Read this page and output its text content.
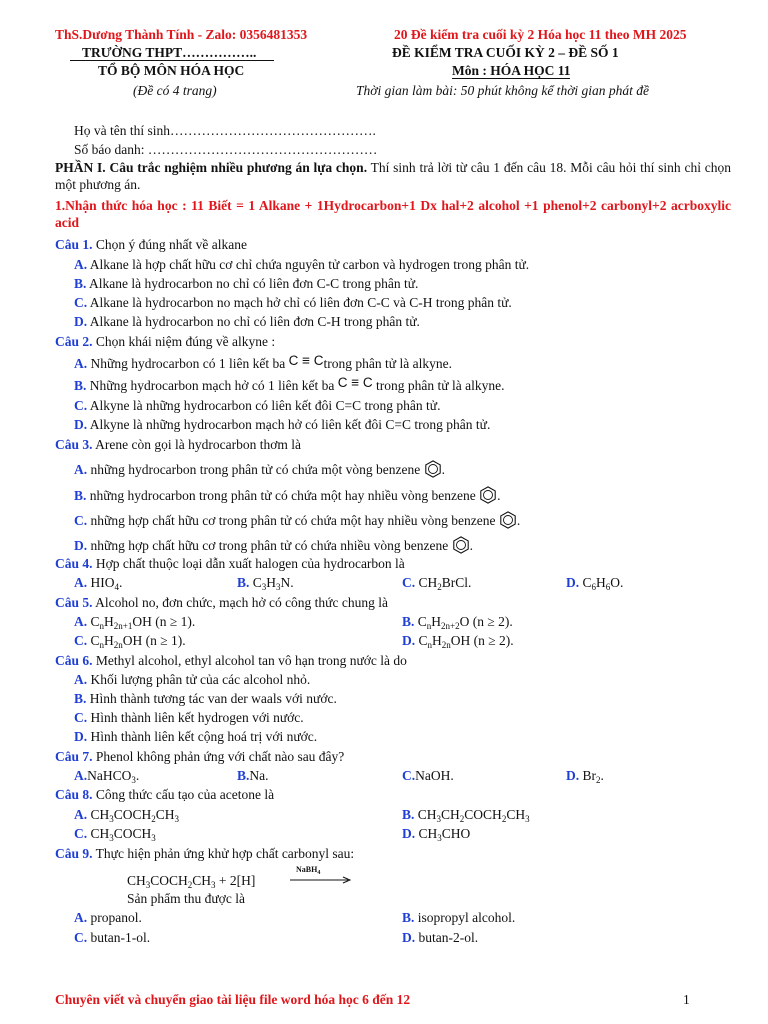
ThS.Dương Thành Tính - Zalo: 0356481353	20 Đề kiểm tra cuối kỳ 2 Hóa học 11 theo MH 2025
TRƯỜNG THPT……………..
TỔ BỘ MÔN HÓA HỌC
(Đề có 4 trang)
ĐỀ KIỂM TRA CUỐI KỲ 2 – ĐỀ SỐ 1
Môn : HÓA HỌC 11
Thời gian làm bài: 50 phút không kể thời gian phát đề
Họ và tên thí sinh……………………………………….
Số báo danh: ……………………………………………
PHẦN I. Câu trắc nghiệm nhiều phương án lựa chọn. Thí sinh trả lời từ câu 1 đến câu 18. Mỗi câu hỏi thí sinh chỉ chọn một phương án.
1.Nhận thức hóa học : 11 Biết = 1 Alkane + 1Hydrocarbon+1 Dx hal+2 alcohol +1 phenol+2 carbonyl+2 acrboxylic acid
Câu 1. Chọn ý đúng nhất về alkane
A. Alkane là hợp chất hữu cơ chỉ chứa nguyên tử carbon và hydrogen trong phân tử.
B. Alkane là hydrocarbon no chỉ có liên đơn C-C trong phân tử.
C. Alkane là hydrocarbon no mạch hở chỉ có liên đơn C-C và C-H trong phân tử.
D. Alkane là hydrocarbon no chỉ có liên đơn C-H trong phân tử.
Câu 2. Chọn khái niệm đúng về alkyne :
A. Những hydrocarbon có 1 liên kết ba C ≡ Ctrong phân tử là alkyne.
B. Những hydrocarbon mạch hở có 1 liên kết ba C ≡ C trong phân tử là alkyne.
C. Alkyne là những hydrocarbon có liên kết đôi C=C trong phân tử.
D. Alkyne là những hydrocarbon mạch hở có liên kết đôi C=C trong phân tử.
Câu 3. Arene còn gọi là hydrocarbon thơm là
A. những hydrocarbon trong phân tử có chứa một vòng benzene .
B. những hydrocarbon trong phân tử có chứa một hay nhiều vòng benzene .
C. những hợp chất hữu cơ trong phân tử có chứa một hay nhiều vòng benzene .
D. những hợp chất hữu cơ trong phân tử có chứa nhiều vòng benzene .
Câu 4. Hợp chất thuộc loại dẫn xuất halogen của hydrocarbon là
A. $HIO_4$.	B. $C_3H_3N$.	C. $CH_2BrCl$.	D. $C_6H_6O$.
Câu 5. Alcohol no, đơn chức, mạch hở có công thức chung là
A. $C_nH_{2n+1}OH$ (n ≥ 1).	B. $C_nH_{2n+2}O$ (n ≥ 2).
C. $C_nH_{2n}OH$ (n ≥ 1).	D. $C_nH_{2n}OH$ (n ≥ 2).
Câu 6. Methyl alcohol, ethyl alcohol tan vô hạn trong nước là do
A. Khối lượng phân tử của các alcohol nhỏ.
B. Hình thành tương tác van der waals với nước.
C. Hình thành liên kết hydrogen với nước.
D. Hình thành liên kết cộng hoá trị với nước.
Câu 7. Phenol không phản ứng với chất nào sau đây?
A.NaHCO$_3$.	B.Na.	C.NaOH.	D. $Br_2$.
Câu 8. Công thức cấu tạo của acetone là
A. $CH_3COCH_2CH_3$	B. $CH_3CH_2COCH_2CH_3$
C. $CH_3COCH_3$	D. $CH_3CHO$
Câu 9. Thực hiện phản ứng khử hợp chất carbonyl sau:
$CH_3COCH_2CH_3 + 2[H]$
NaBH$_4$
Sản phẩm thu được là
A. propanol.	B. isopropyl alcohol.
C. butan-1-ol.	D. butan-2-ol.
Chuyên viết và chuyển giao tài liệu file word hóa học 6 đến 12	1
